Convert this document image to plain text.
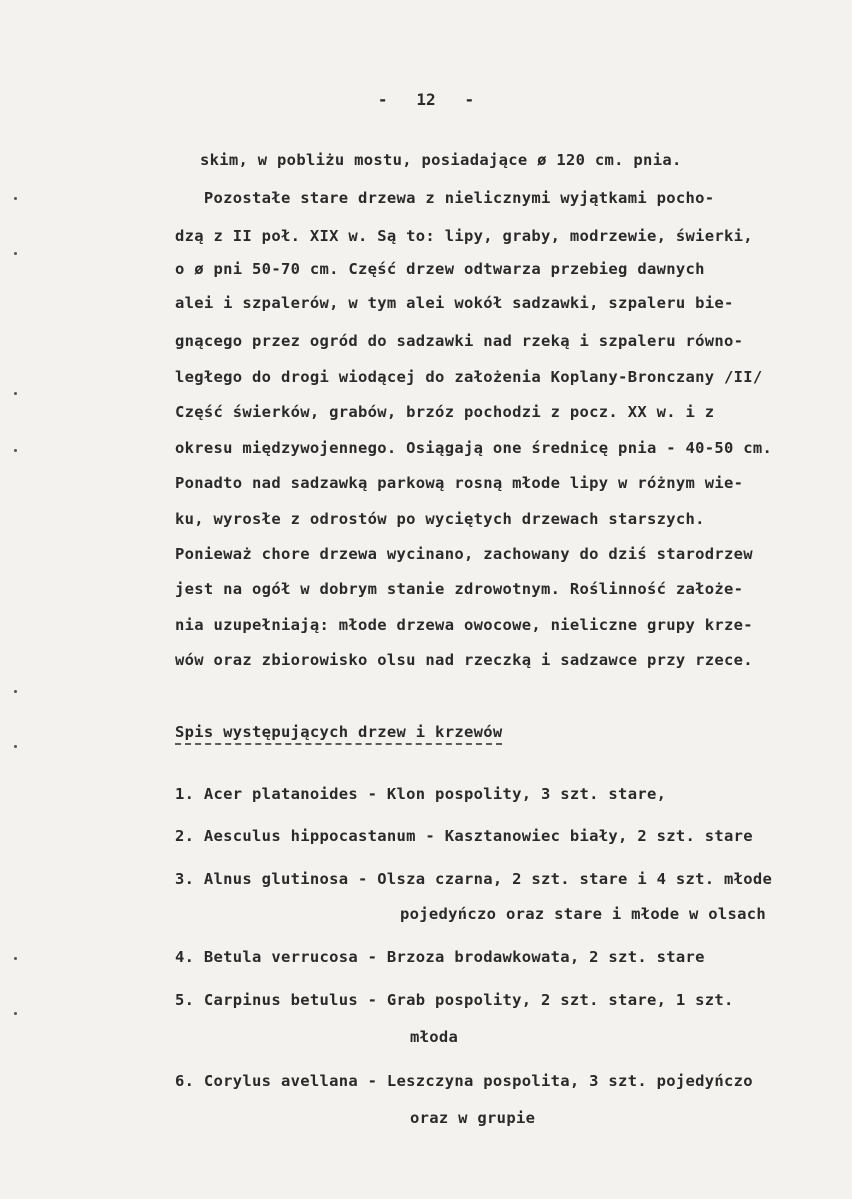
-   12   -
skim, w pobliżu mostu, posiadające ø 120 cm. pnia.
Pozostałe stare drzewa z nielicznymi wyjątkami pocho-
dzą z II poł. XIX w. Są to: lipy, graby, modrzewie, świerki,
o ø pni 50-70 cm. Część drzew odtwarza przebieg dawnych
alei i szpalerów, w tym alei wokół sadzawki, szpaleru bie-
gnącego przez ogród do sadzawki nad rzeką i szpaleru równo-
ległego do drogi wiodącej do założenia Koplany-Bronczany /II/
Część świerków, grabów, brzóz pochodzi z pocz. XX w. i z
okresu międzywojennego. Osiągają one średnicę pnia - 40-50 cm.
Ponadto nad sadzawką parkową rosną młode lipy w różnym wie-
ku, wyrosłe z odrostów po wyciętych drzewach starszych.
Ponieważ chore drzewa wycinano, zachowany do dziś starodrzew
jest na ogół w dobrym stanie zdrowotnym. Roślinność założe-
nia uzupełniają: młode drzewa owocowe, nieliczne grupy krze-
wów oraz zbiorowisko olsu nad rzeczką i sadzawce przy rzece.
Spis występujących drzew i krzewów
1. Acer platanoides - Klon pospolity, 3 szt. stare,
2. Aesculus hippocastanum - Kasztanowiec biały, 2 szt. stare
3. Alnus glutinosa - Olsza czarna, 2 szt. stare i 4 szt. młode
pojedyńczo oraz stare i młode w olsach
4. Betula verrucosa - Brzoza brodawkowata, 2 szt. stare
5. Carpinus betulus - Grab pospolity, 2 szt. stare, 1 szt.
młoda
6. Corylus avellana - Leszczyna pospolita, 3 szt. pojedyńczo
oraz w grupie
